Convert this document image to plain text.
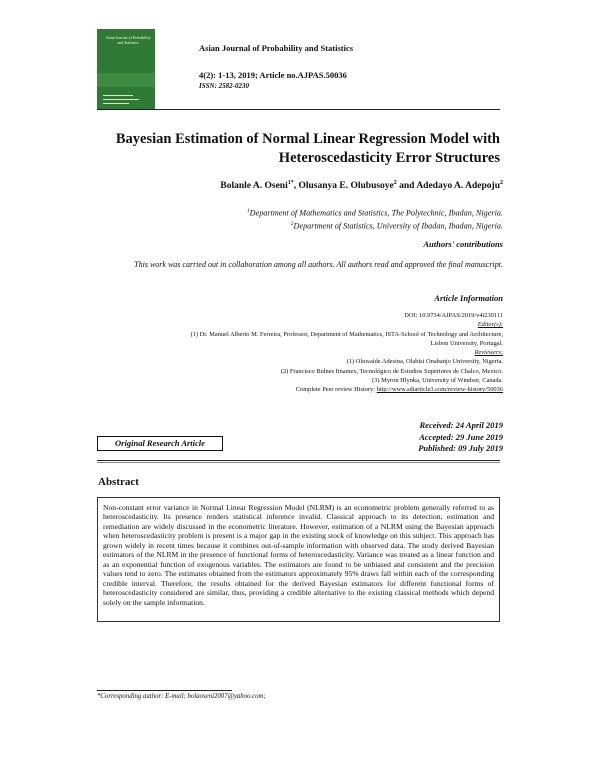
Asian Journal of Probability and Statistics
Asian Journal of Probability and Statistics
4(2): 1-13, 2019; Article no.AJPAS.50036
ISSN: 2582-0230
Bayesian Estimation of Normal Linear Regression Model with
Heteroscedasticity Error Structures
Bolanle A. Oseni$^{1*}$, Olusanya E. Olubusoye$^2$ and Adedayo A. Adepoju$^2$
$^1$Department of Mathematics and Statistics, The Polytechnic, Ibadan, Nigeria.
$^2$Department of Statistics, University of Ibadan, Ibadan, Nigeria.
Authors' contributions
This work was carried out in collaboration among all authors. All authors read and approved the final manuscript.
Article Information
DOI: 10.9734/AJPAS/2019/v4i230111
Editor(s):
(1) Dr. Manuel Alberto M. Ferreira, Professor, Department of Mathematics, ISTA-School of Technology and Architecture,
Lisbon University, Portugal.
Reviewers:
(1) Oluwaide Adesina, Olabisi Onabanjo University, Nigeria.
(2) Francisco Bulnes Iinamex, Tecnológico de Estudios Superiores de Chalco, Mexico.
(3) Myron Hlynka, University of Windsor, Canada.
Complete Peer review History: http://www.sdiarticle3.com/review-history/50036
Received: 24 April 2019
Accepted: 29 June 2019
Published: 09 July 2019
Original Research Article
Abstract
Non-constant error variance in Normal Linear Regression Model (NLRM) is an econometric problem generally referred to as heteroscedasticity. Its presence renders statistical inference invalid. Classical approach to its detection, estimation and remediation are widely discussed in the econometric literature. However, estimation of a NLRM using the Bayesian approach when heteroscedasticity problem is present is a major gap in the existing stock of knowledge on this subject. This approach has grown widely in recent times because it combines out-of-sample information with observed data. The study derived Bayesian estimators of the NLRM in the presence of functional forms of heteroscedasticity. Variance was treated as a linear function and as an exponential function of exogenous variables. The estimators are found to be unbiased and consistent and the precision values tend to zero. The estimates obtained from the estimators approximately 95% draws fall within each of the corresponding credible interval. Therefore, the results obtained for the derived Bayesian estimators for different functional forms of heteroscedasticity considered are similar, thus, providing a credible alternative to the existing classical methods which depend solely on the sample information.
*Corresponding author: E-mail: bolaoseni2007@yahoo.com;
